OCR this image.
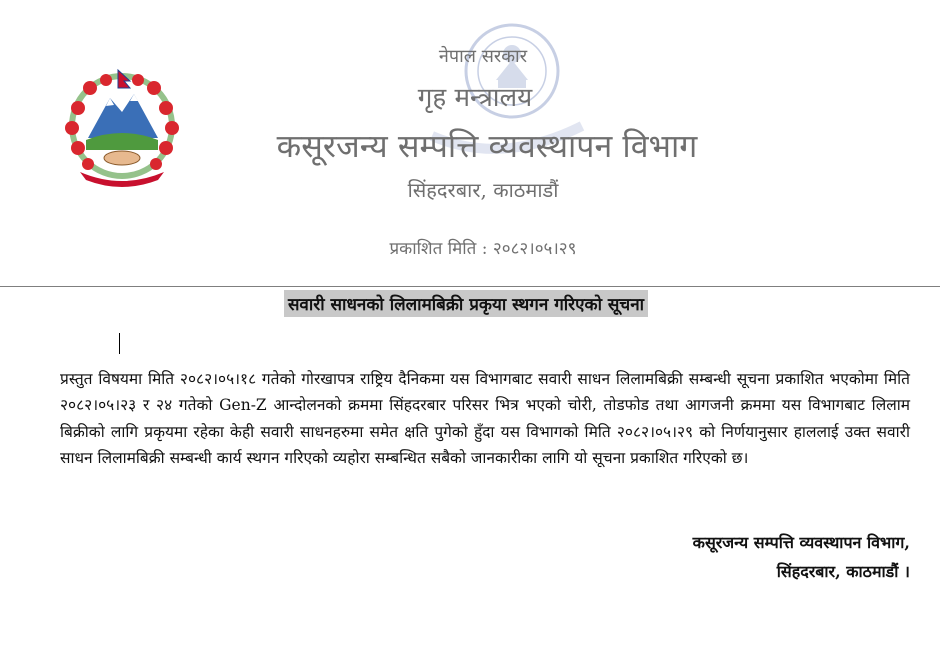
नेपाल सरकार
गृह मन्त्रालय
कसूरजन्य सम्पत्ति व्यवस्थापन विभाग
सिंहदरबार, काठमाडौं
प्रकाशित मिति : २०८२।०५।२९
सवारी साधनको लिलामबिक्री प्रकृया स्थगन गरिएको सूचना
प्रस्तुत विषयमा मिति २०८२।०५।१८ गतेको गोरखापत्र राष्ट्रिय दैनिकमा यस विभागबाट सवारी साधन लिलामबिक्री सम्बन्धी सूचना प्रकाशित भएकोमा मिति २०८२।०५।२३ र २४ गतेको Gen-Z आन्दोलनको क्रममा सिंहदरबार परिसर भित्र भएको चोरी, तोडफोड तथा आगजनी क्रममा यस विभागबाट लिलाम बिक्रीको लागि प्रकृयमा रहेका केही सवारी साधनहरुमा समेत क्षति पुगेको हुँदा यस विभागको मिति २०८२।०५।२९ को निर्णयानुसार हाललाई उक्त सवारी साधन लिलामबिक्री सम्बन्धी कार्य स्थगन गरिएको व्यहोरा सम्बन्धित सबैको जानकारीका लागि यो सूचना प्रकाशित गरिएको छ।
कसूरजन्य सम्पत्ति व्यवस्थापन विभाग,
सिंहदरबार, काठमाडौं ।
